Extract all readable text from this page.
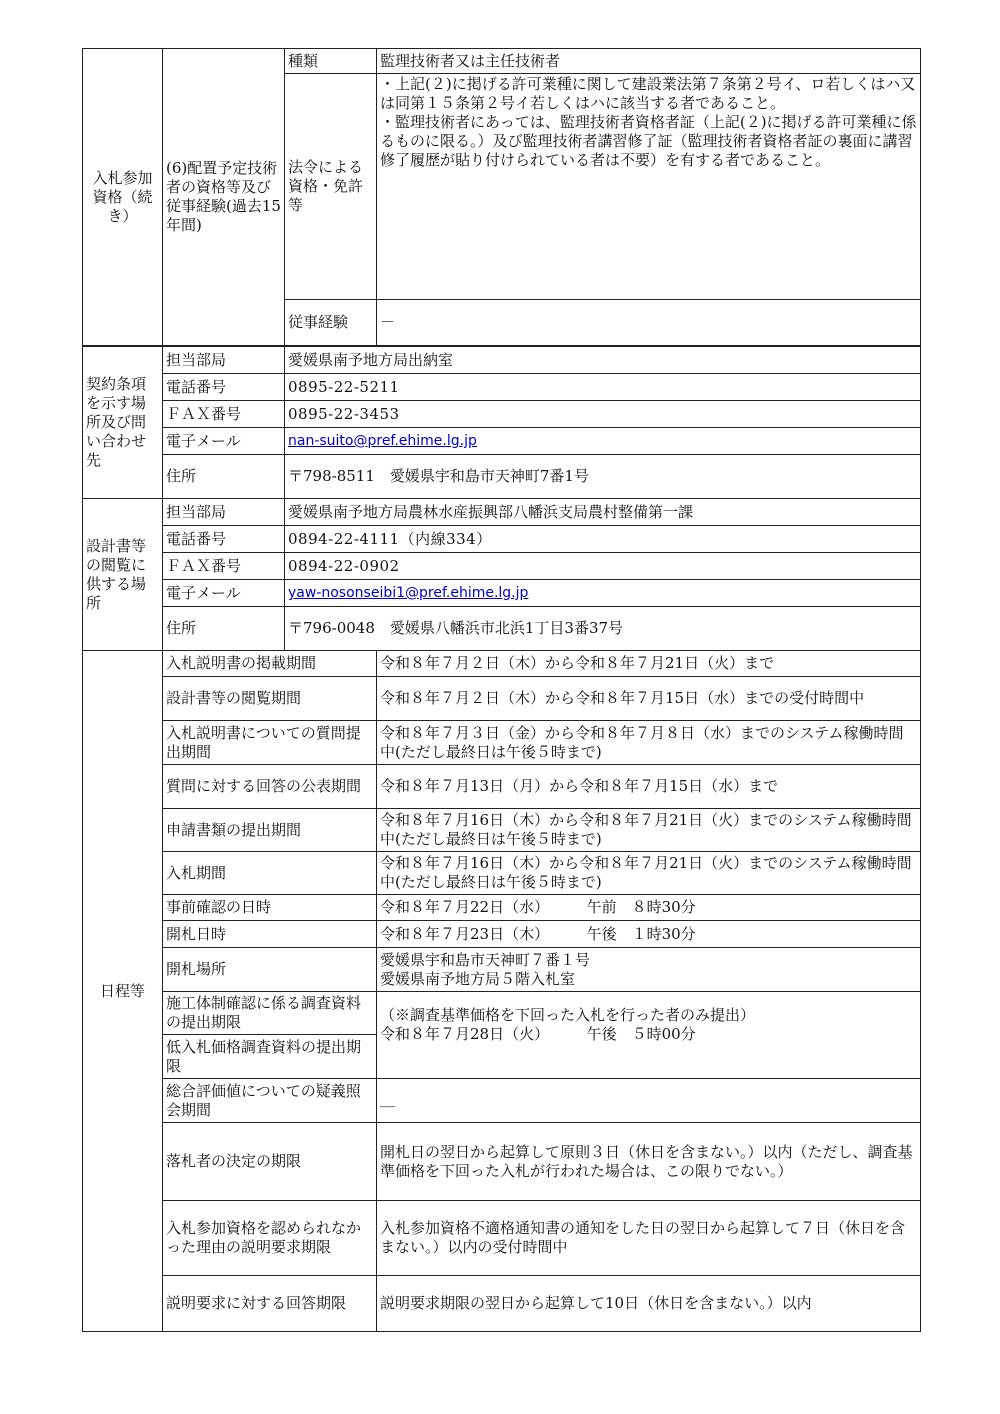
入札参加資格（続き）	(6)配置予定技術者の資格等及び従事経験(過去15年間)	種類	監理技術者又は主任技術者
		法令による資格・免許等	・上記(２)に掲げる許可業種に関して建設業法第７条第２号イ、ロ若しくはハ又は同第１５条第２号イ若しくはハに該当する者であること。
・監理技術者にあっては、監理技術者資格者証（上記(２)に掲げる許可業種に係るものに限る。）及び監理技術者講習修了証（監理技術者資格者証の裏面に講習修了履歴が貼り付けられている者は不要）を有する者であること。

		従事経験	－
契約条項を示す場所及び問い合わせ先	担当部局	愛媛県南予地方局出納室
	電話番号	0895-22-5211
	ＦＡＸ番号	0895-22-3453
	電子メール	nan-suito@pref.ehime.lg.jp
	住所	〒798-8511　愛媛県宇和島市天神町7番1号
設計書等の閲覧に供する場所	担当部局	愛媛県南予地方局農林水産振興部八幡浜支局農村整備第一課
	電話番号	0894-22-4111（内線334）
	ＦＡＸ番号	0894-22-0902
	電子メール	yaw-nosonseibi1@pref.ehime.lg.jp
	住所	〒796-0048　愛媛県八幡浜市北浜1丁目3番37号
日程等	入札説明書の掲載期間	令和８年７月２日（木）から令和８年７月21日（火）まで
	設計書等の閲覧期間	令和８年７月２日（木）から令和８年７月15日（水）までの受付時間中
	入札説明書についての質問提出期間	令和８年７月３日（金）から令和８年７月８日（水）までのシステム稼働時間中(ただし最終日は午後５時まで)
	質問に対する回答の公表期間	令和８年７月13日（月）から令和８年７月15日（水）まで
	申請書類の提出期間	令和８年７月16日（木）から令和８年７月21日（火）までのシステム稼働時間中(ただし最終日は午後５時まで)
	入札期間	令和８年７月16日（木）から令和８年７月21日（火）までのシステム稼働時間中(ただし最終日は午後５時まで)
	事前確認の日時	令和８年７月22日（水）　　　午前　８時30分
	開札日時	令和８年７月23日（木）　　　午後　１時30分
	開札場所	愛媛県宇和島市天神町７番１号
愛媛県南予地方局５階入札室

	施工体制確認に係る調査資料の提出期限	（※調査基準価格を下回った入札を行った者のみ提出）
令和８年７月28日（火）　　　午後　５時00分

	低入札価格調査資料の提出期限	
	総合評価値についての疑義照会期間	＿
	落札者の決定の期限	開札日の翌日から起算して原則３日（休日を含まない。）以内（ただし、調査基準価格を下回った入札が行われた場合は、この限りでない。）
	入札参加資格を認められなかった理由の説明要求期限	入札参加資格不適格通知書の通知をした日の翌日から起算して７日（休日を含まない。）以内の受付時間中
	説明要求に対する回答期限	説明要求期限の翌日から起算して10日（休日を含まない。）以内
